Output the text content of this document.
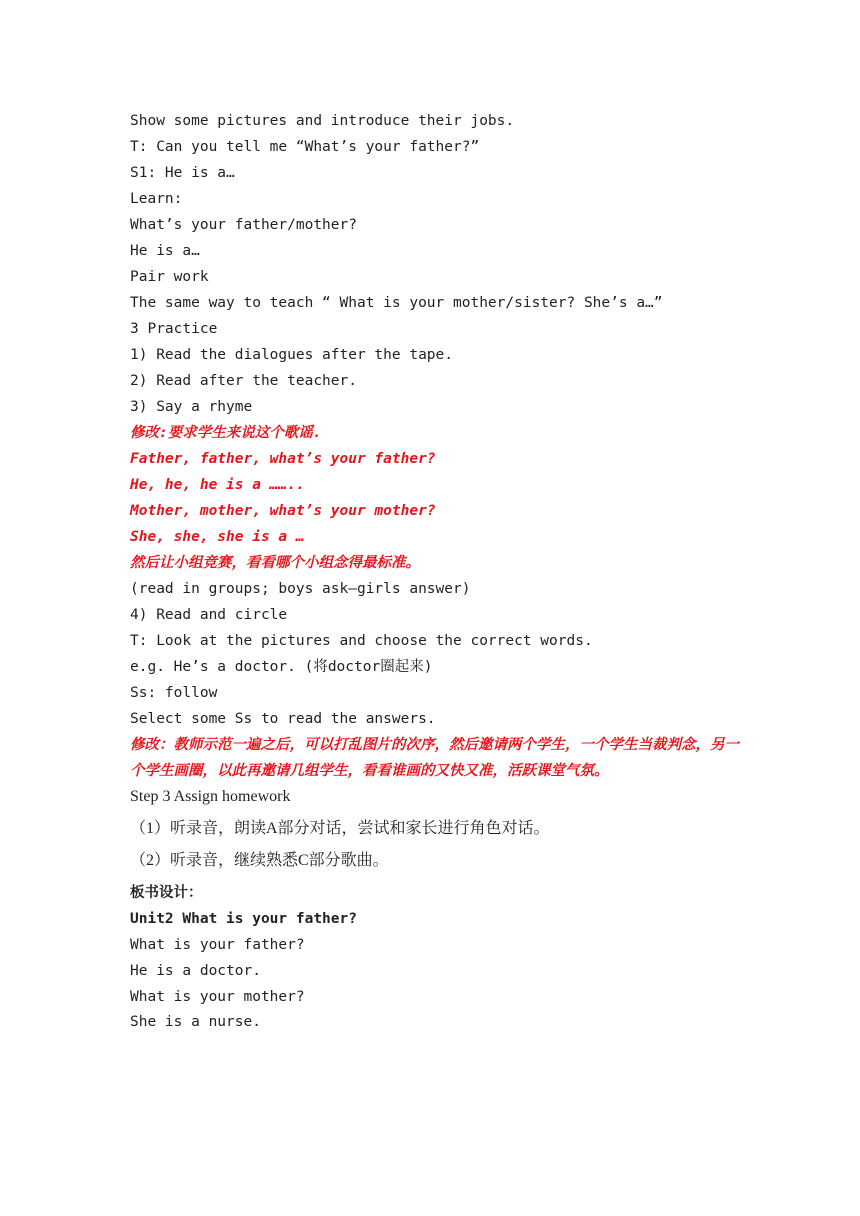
Show some pictures and introduce their jobs.
T: Can you tell me “What’s your father?”
S1: He is a…
Learn:
What’s your father/mother?
He is a…
Pair work
The same way to teach “ What is your mother/sister? She’s a…”
3 Practice
1) Read the dialogues after the tape.
2) Read after the teacher.
3) Say a rhyme
修改:要求学生来说这个歌谣.
Father, father, what’s your father?
He, he, he is a ……..
Mother, mother, what’s your mother?
She, she, she is a …
然后让小组竞赛，看看哪个小组念得最标准。
(read in groups; boys ask—girls answer)
4) Read and circle
T: Look at the pictures and choose the correct words.
e.g. He’s a doctor. (将doctor圈起来)
Ss: follow
Select some Ss to read the answers.
修改：教师示范一遍之后，可以打乱图片的次序，然后邀请两个学生，一个学生当裁判念，另一个学生画圈，以此再邀请几组学生，看看谁画的又快又准，活跃课堂气氛。
Step 3 Assign homework
（1）听录音，朗读A部分对话，尝试和家长进行角色对话。
（2）听录音，继续熟悉C部分歌曲。
板书设计：
Unit2 What is your father?
What is your father?
He is a doctor.
What is your mother?
She is a nurse.
